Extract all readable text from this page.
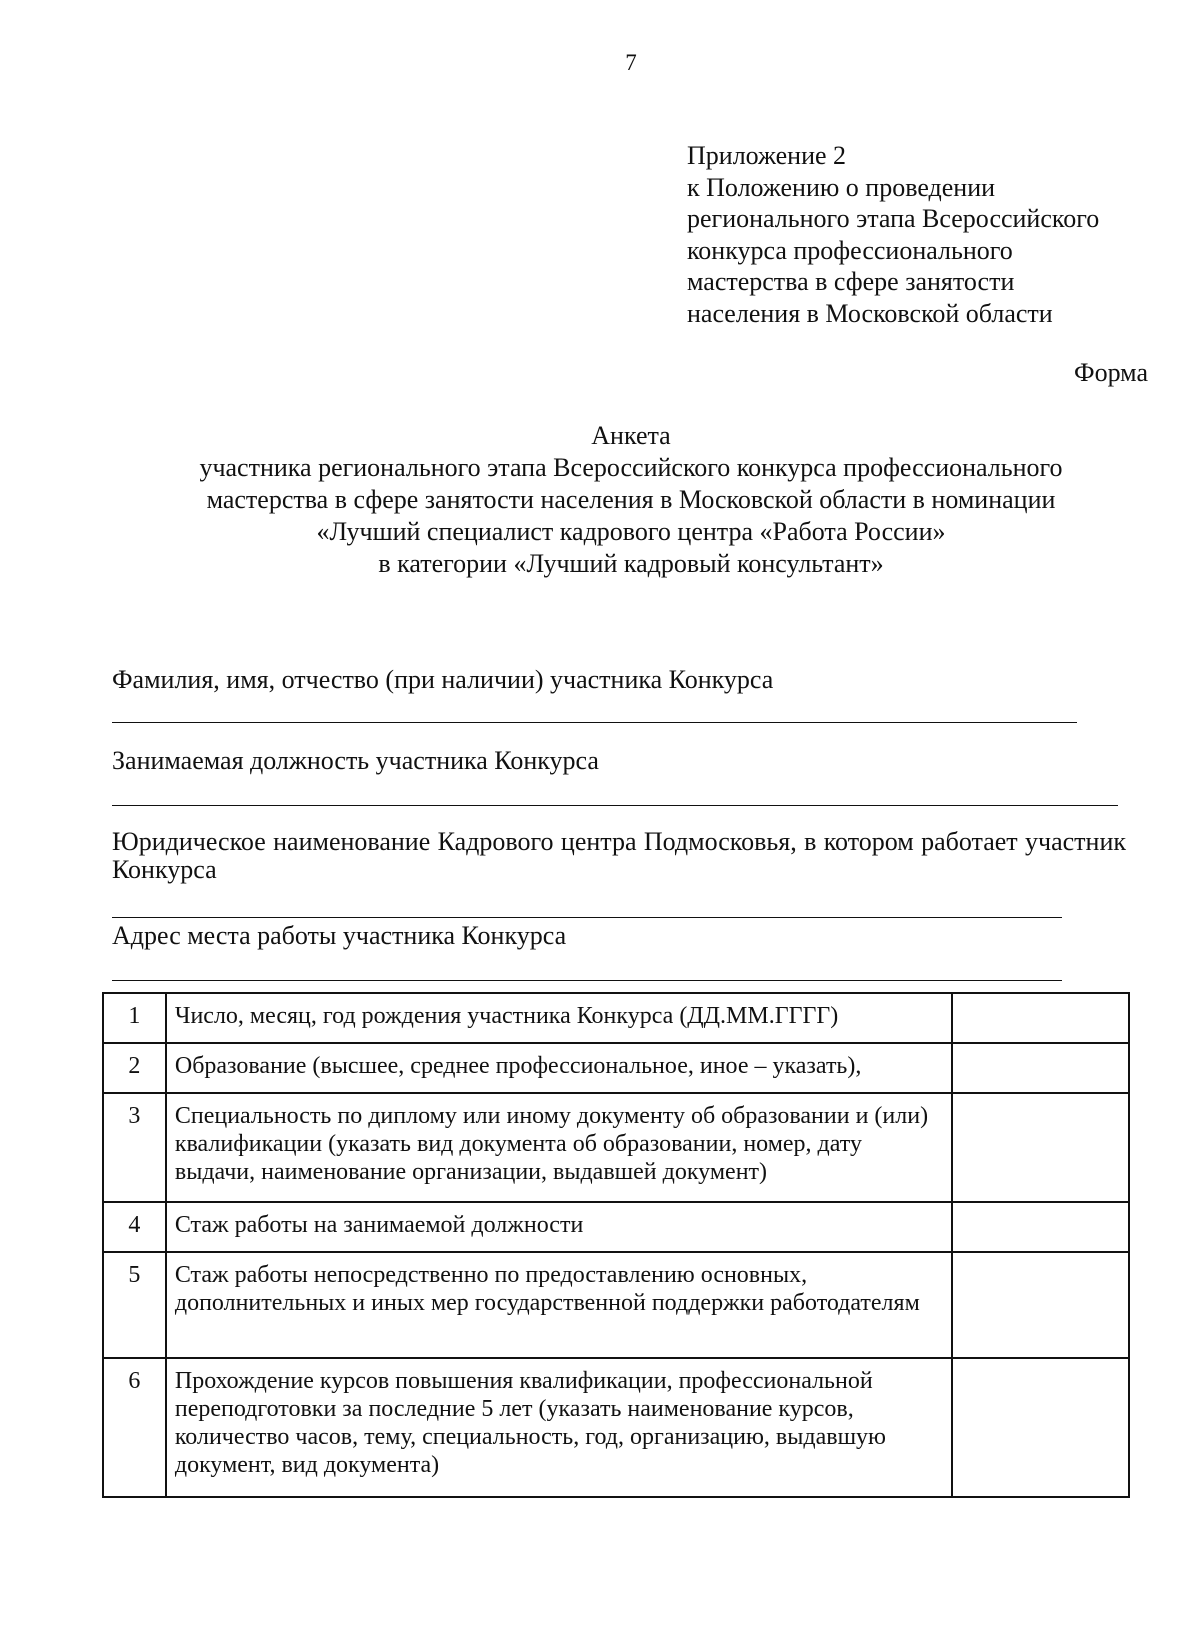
7
Приложение 2
к Положению о проведении
регионального этапа Всероссийского
конкурса профессионального
мастерства в сфере занятости
населения в Московской области
Форма
Анкета
участника регионального этапа Всероссийского конкурса профессионального
мастерства в сфере занятости населения в Московской области в номинации
«Лучший специалист кадрового центра «Работа России»
в категории «Лучший кадровый консультант»
Фамилия, имя, отчество (при наличии) участника Конкурса
Занимаемая должность участника Конкурса
Юридическое наименование Кадрового центра Подмосковья, в котором работает участник Конкурса
Адрес места работы участника Конкурса
1	Число, месяц, год рождения участника Конкурса (ДД.ММ.ГГГГ)	
2	Образование (высшее, среднее профессиональное, иное – указать),	
3	Специальность по диплому или иному документу об образовании и (или) квалификации (указать вид документа об образовании, номер, дату выдачи, наименование организации, выдавшей документ)	
4	Стаж работы на занимаемой должности	
5	Стаж работы непосредственно по предоставлению основных, дополнительных и иных мер государственной поддержки работодателям	
6	Прохождение курсов повышения квалификации, профессиональной переподготовки за последние 5 лет (указать наименование курсов, количество часов, тему, специальность, год, организацию, выдавшую документ, вид документа)	
